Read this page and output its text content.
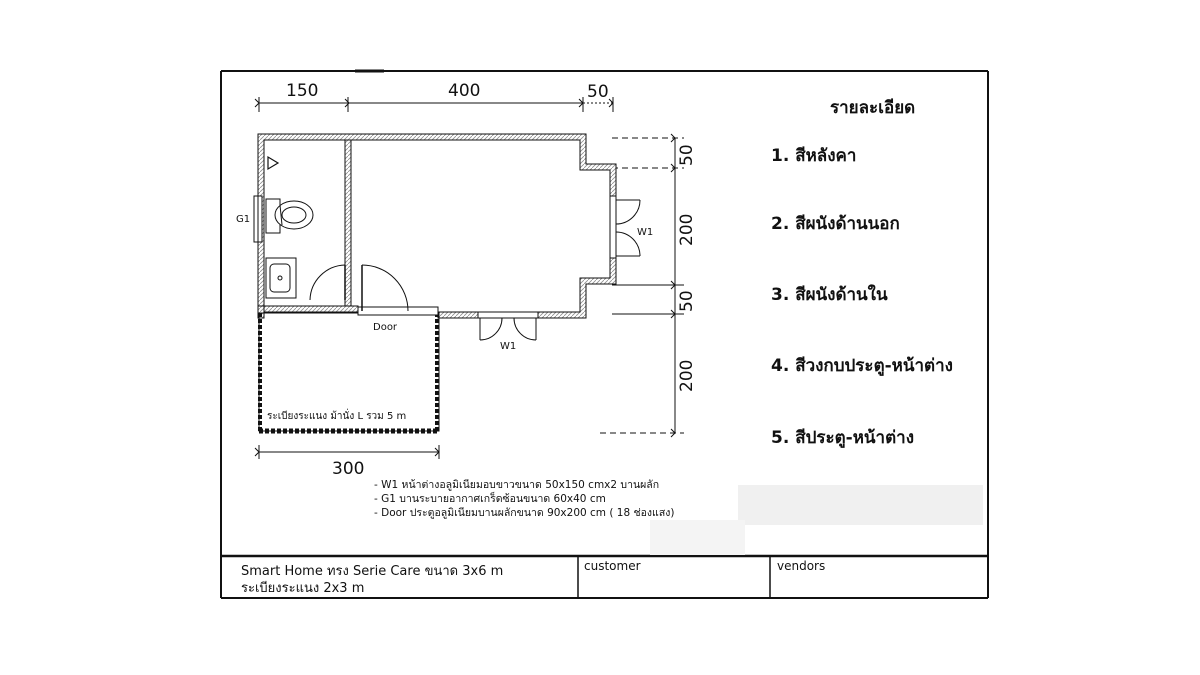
150	400	50
50
200
50
200
300
ระเบียงระแนง ม้านั่ง L รวม 5 m
G1
Door
W1
W1
- W1 หน้าต่างอลูมิเนียมอบขาวขนาด 50x150 cmx2 บานผลัก
- G1 บานระบายอากาศเกร็ดซ้อนขนาด 60x40 cm
- Door ประตูอลูมิเนียมบานผลักขนาด 90x200 cm ( 18 ช่องแสง)
รายละเอียด
1. สีหลังคา
2. สีผนังด้านนอก
3. สีผนังด้านใน
4. สีวงกบประตู-หน้าต่าง
5. สีประตู-หน้าต่าง
Smart Home ทรง Serie Care ขนาด 3x6 m
ระเบียงระแนง 2x3 m
customer	vendors
